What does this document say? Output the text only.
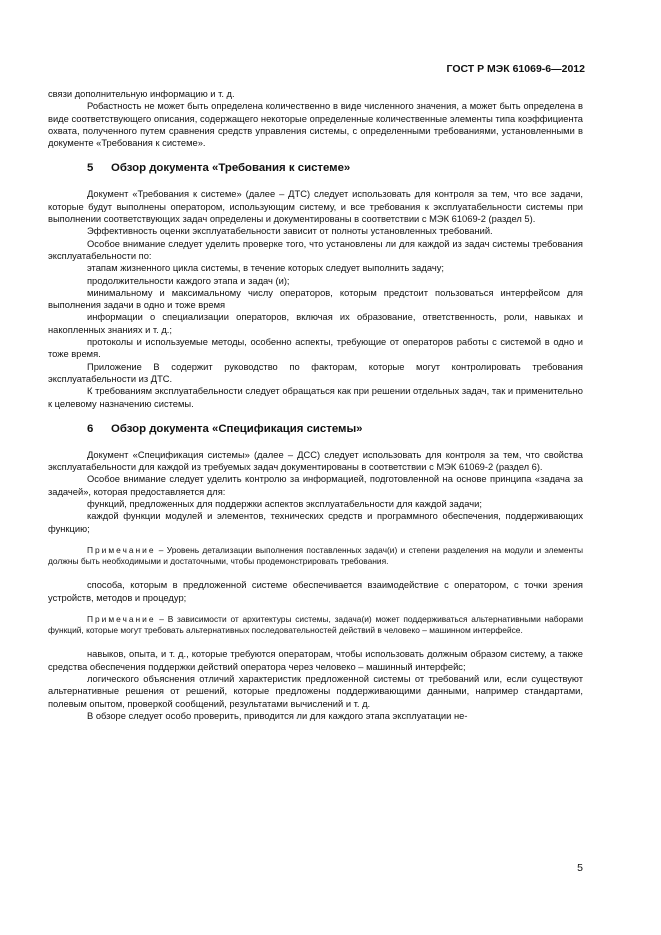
ГОСТ Р МЭК 61069-6—2012

связи дополнительную информацию и т. д.

Робастность не может быть определена количественно в виде численного значения, а может быть определена в виде соответствующего описания, содержащего некоторые определенные количественные элементы типа коэффициента охвата, полученного путем сравнения средств управления системы, с определенными требованиями, установленными в документе «Требования к системе».

5 Обзор документа «Требования к системе»

Документ «Требования к системе» (далее – ДТС) следует использовать для контроля за тем, что все задачи, которые будут выполнены оператором, использующим систему, и все требования к эксплуатабельности системы при выполнении соответствующих задач определены и документированы в соответствии с МЭК 61069-2 (раздел 5).

Эффективность оценки эксплуатабельности зависит от полноты установленных требований.

Особое внимание следует уделить проверке того, что установлены ли для каждой из задач системы требования эксплуатабельности по:

этапам жизненного цикла системы, в течение которых следует выполнить задачу;

продолжительности каждого этапа и задач (и);

минимальному и максимальному числу операторов, которым предстоит пользоваться интерфейсом для выполнения задачи в одно и тоже время

информации о специализации операторов, включая их образование, ответственность, роли, навыках и накопленных знаниях и т. д.;

протоколы и используемые методы, особенно аспекты, требующие от операторов работы с системой в одно и тоже время.

Приложение В содержит руководство по факторам, которые могут контролировать требования эксплуатабельности из ДТС.

К требованиям эксплуатабельности следует обращаться как при решении отдельных задач, так и применительно к целевому назначению системы.

6 Обзор документа «Спецификация системы»

Документ «Спецификация системы» (далее – ДСС) следует использовать для контроля за тем, что свойства эксплуатабельности для каждой из требуемых задач документированы в соответствии с МЭК 61069-2 (раздел 6).

Особое внимание следует уделить контролю за информацией, подготовленной на основе принципа «задача за задачей», которая предоставляется для:

функций, предложенных для поддержки аспектов эксплуатабельности для каждой задачи;

каждой функции модулей и элементов, технических средств и программного обеспечения, поддерживающих функцию;

Примечание – Уровень детализации выполнения поставленных задач(и) и степени разделения на модули и элементы должны быть необходимыми и достаточными, чтобы продемонстрировать требования.

способа, которым в предложенной системе обеспечивается взаимодействие с оператором, с точки зрения устройств, методов и процедур;

Примечание – В зависимости от архитектуры системы, задача(и) может поддерживаться альтернативными наборами функций, которые могут требовать альтернативных последовательностей действий в человеко – машинном интерфейсе.

навыков, опыта, и т. д., которые требуются операторам, чтобы использовать должным образом систему, а также средства обеспечения поддержки действий оператора через человеко – машинный интерфейс;

логического объяснения отличий характеристик предложенной системы от требований или, если существуют альтернативные решения от решений, которые предложены поддерживающими данными, например стандартами, полевым опытом, проверкой сообщений, результатами вычислений и т. д.

В обзоре следует особо проверить, приводится ли для каждого этапа эксплуатации не-

5
